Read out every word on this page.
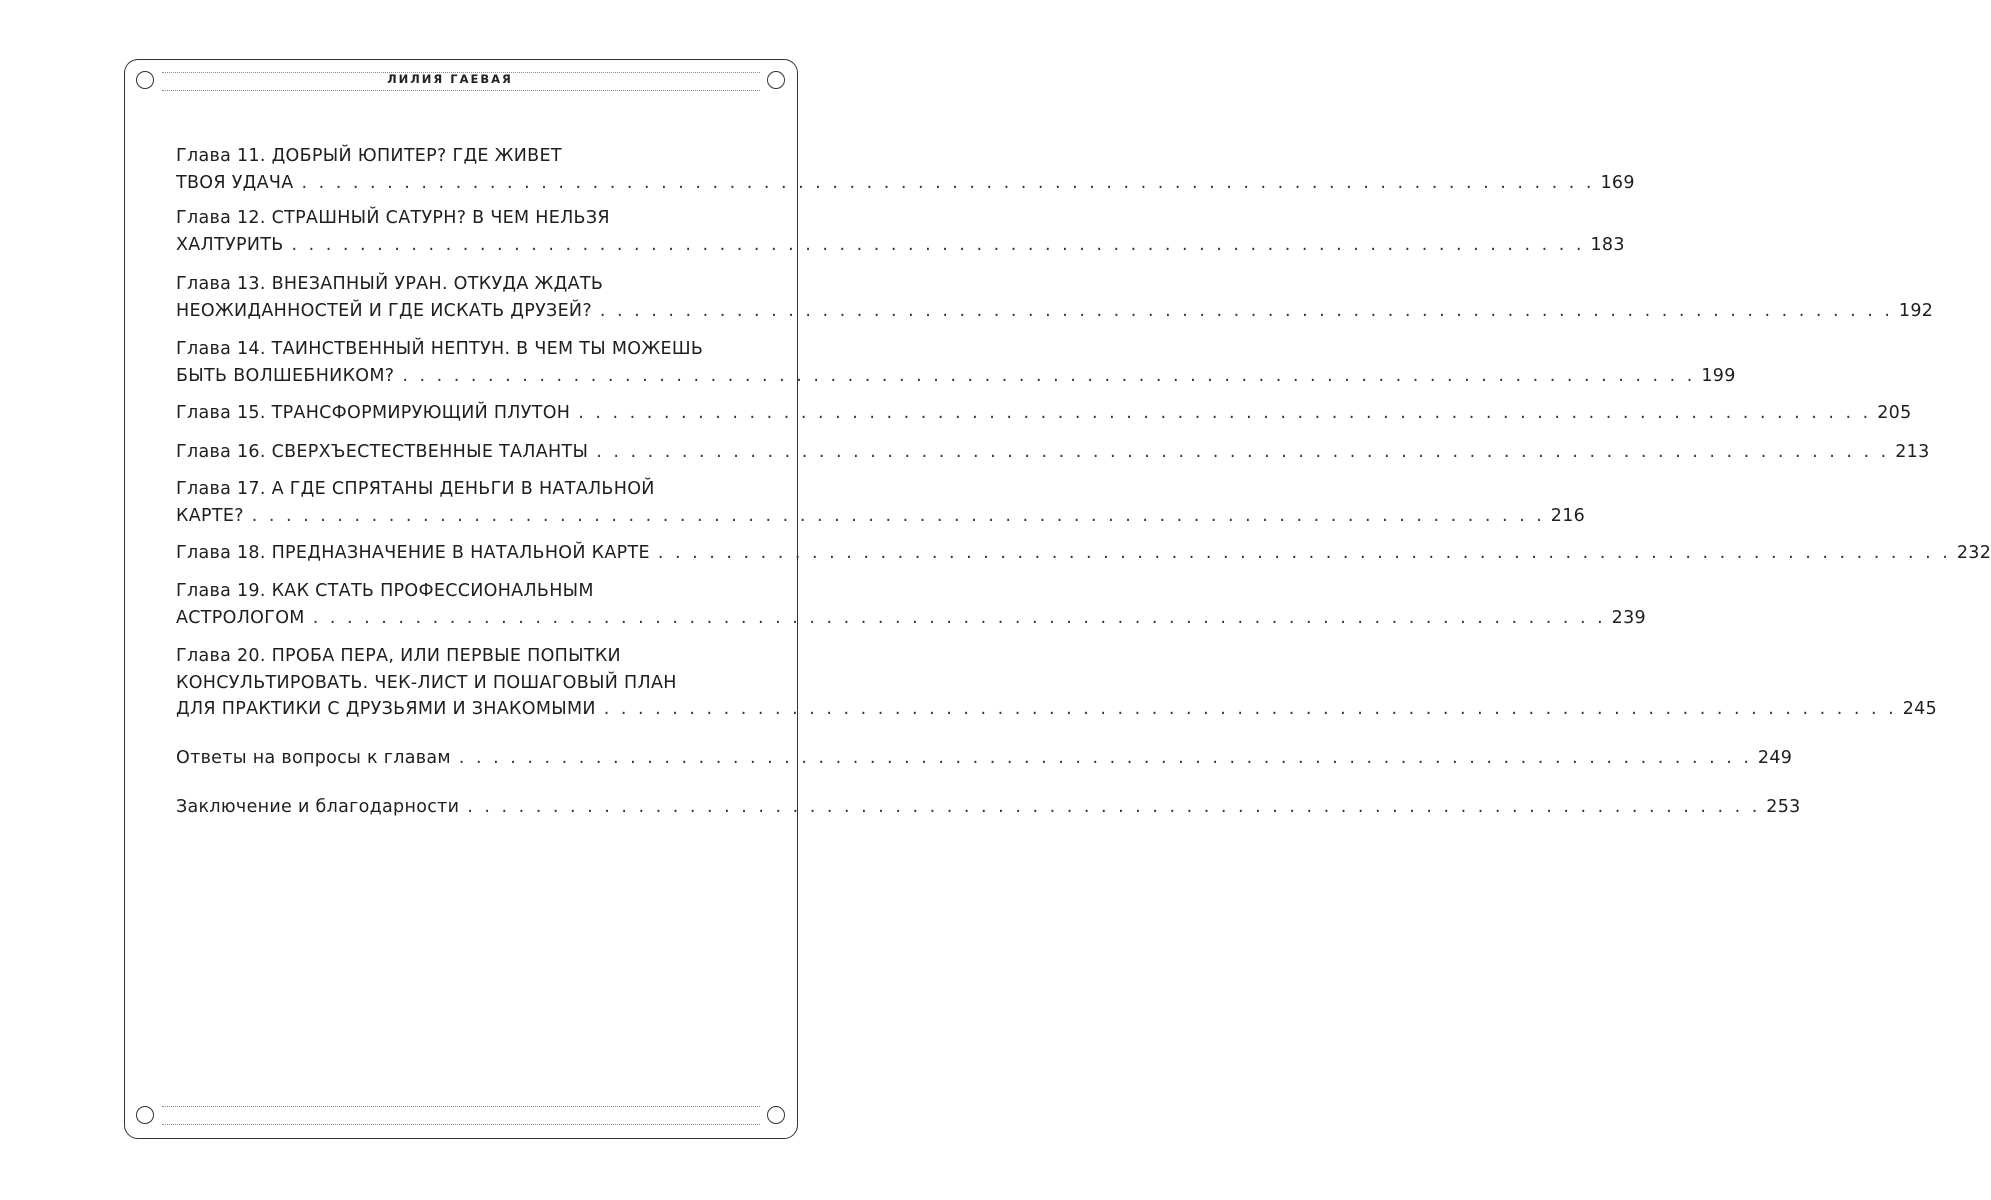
ЛИЛИЯ ГАЕВАЯ
Глава 11. ДОБРЫЙ ЮПИТЕР? ГДЕ ЖИВЕТ
ТВОЯ УДАЧА . . . . . . . . . . . . . . . . . . . . . . . . . . . . . . . . . . . . . . . . . . . . . . . . . . . . . . . . . . . . . . . . . . . . . . . . . . . . 169
Глава 12. СТРАШНЫЙ САТУРН? В ЧЕМ НЕЛЬЗЯ
ХАЛТУРИТЬ . . . . . . . . . . . . . . . . . . . . . . . . . . . . . . . . . . . . . . . . . . . . . . . . . . . . . . . . . . . . . . . . . . . . . . . . . . . . 183
Глава 13. ВНЕЗАПНЫЙ УРАН. ОТКУДА ЖДАТЬ
НЕОЖИДАННОСТЕЙ И ГДЕ ИСКАТЬ ДРУЗЕЙ? . . . . . . . . . . . . . . . . . . . . . . . . . . . . . . . . . . . . . . . . . . . . . . . . . . . . . . . . . . . . . . . . . . . . . . . . . . . . 192
Глава 14. ТАИНСТВЕННЫЙ НЕПТУН. В ЧЕМ ТЫ МОЖЕШЬ
БЫТЬ ВОЛШЕБНИКОМ? . . . . . . . . . . . . . . . . . . . . . . . . . . . . . . . . . . . . . . . . . . . . . . . . . . . . . . . . . . . . . . . . . . . . . . . . . . . . 199
Глава 15. ТРАНСФОРМИРУЮЩИЙ ПЛУТОН . . . . . . . . . . . . . . . . . . . . . . . . . . . . . . . . . . . . . . . . . . . . . . . . . . . . . . . . . . . . . . . . . . . . . . . . . . . . 205
Глава 16. СВЕРХЪЕСТЕСТВЕННЫЕ ТАЛАНТЫ . . . . . . . . . . . . . . . . . . . . . . . . . . . . . . . . . . . . . . . . . . . . . . . . . . . . . . . . . . . . . . . . . . . . . . . . . . . . 213
Глава 17. А ГДЕ СПРЯТАНЫ ДЕНЬГИ В НАТАЛЬНОЙ
КАРТЕ? . . . . . . . . . . . . . . . . . . . . . . . . . . . . . . . . . . . . . . . . . . . . . . . . . . . . . . . . . . . . . . . . . . . . . . . . . . . . 216
Глава 18. ПРЕДНАЗНАЧЕНИЕ В НАТАЛЬНОЙ КАРТЕ . . . . . . . . . . . . . . . . . . . . . . . . . . . . . . . . . . . . . . . . . . . . . . . . . . . . . . . . . . . . . . . . . . . . . . . . . . . . 232
Глава 19. КАК СТАТЬ ПРОФЕССИОНАЛЬНЫМ
АСТРОЛОГОМ . . . . . . . . . . . . . . . . . . . . . . . . . . . . . . . . . . . . . . . . . . . . . . . . . . . . . . . . . . . . . . . . . . . . . . . . . . . . 239
Глава 20. ПРОБА ПЕРА, ИЛИ ПЕРВЫЕ ПОПЫТКИ
КОНСУЛЬТИРОВАТЬ. ЧЕК-ЛИСТ И ПОШАГОВЫЙ ПЛАН
ДЛЯ ПРАКТИКИ С ДРУЗЬЯМИ И ЗНАКОМЫМИ . . . . . . . . . . . . . . . . . . . . . . . . . . . . . . . . . . . . . . . . . . . . . . . . . . . . . . . . . . . . . . . . . . . . . . . . . . . . 245
Ответы на вопросы к главам . . . . . . . . . . . . . . . . . . . . . . . . . . . . . . . . . . . . . . . . . . . . . . . . . . . . . . . . . . . . . . . . . . . . . . . . . . . . 249
Заключение и благодарности . . . . . . . . . . . . . . . . . . . . . . . . . . . . . . . . . . . . . . . . . . . . . . . . . . . . . . . . . . . . . . . . . . . . . . . . . . . . 253
